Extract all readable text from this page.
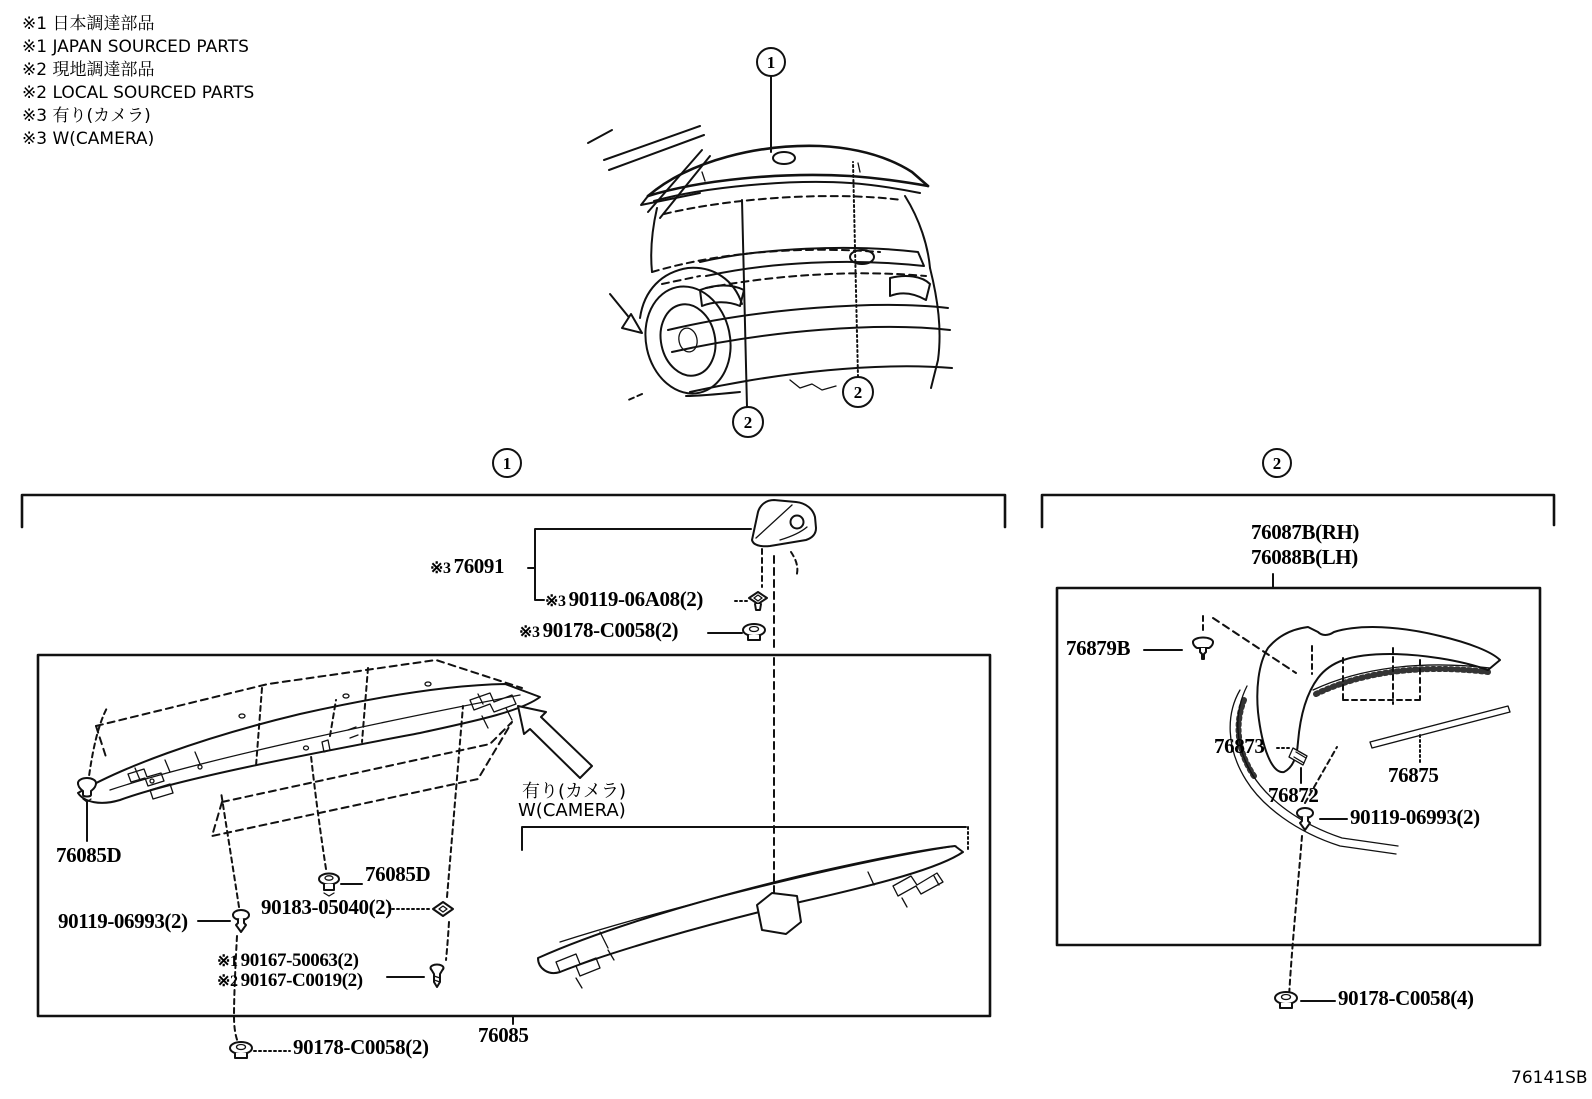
1
2
2
1	2
※1 日本調達部品
※1 JAPAN SOURCED PARTS
※2 現地調達部品
※2 LOCAL SOURCED PARTS
※3 有り(カメラ)
※3 W(CAMERA)
※3 76091
※3 90119-06A08(2)
※3 90178-C0058(2)
76085D
90119-06993(2)
90183-05040(2)
76085D
※1 90167-50063(2)
※2 90167-C0019(2)
有り(カメラ)
W(CAMERA)
90178-C0058(2) 76085
76087B(RH)
76088B(LH)
76879B
76873
76872
76875
90119-06993(2)
90178-C0058(4)
76141SB
